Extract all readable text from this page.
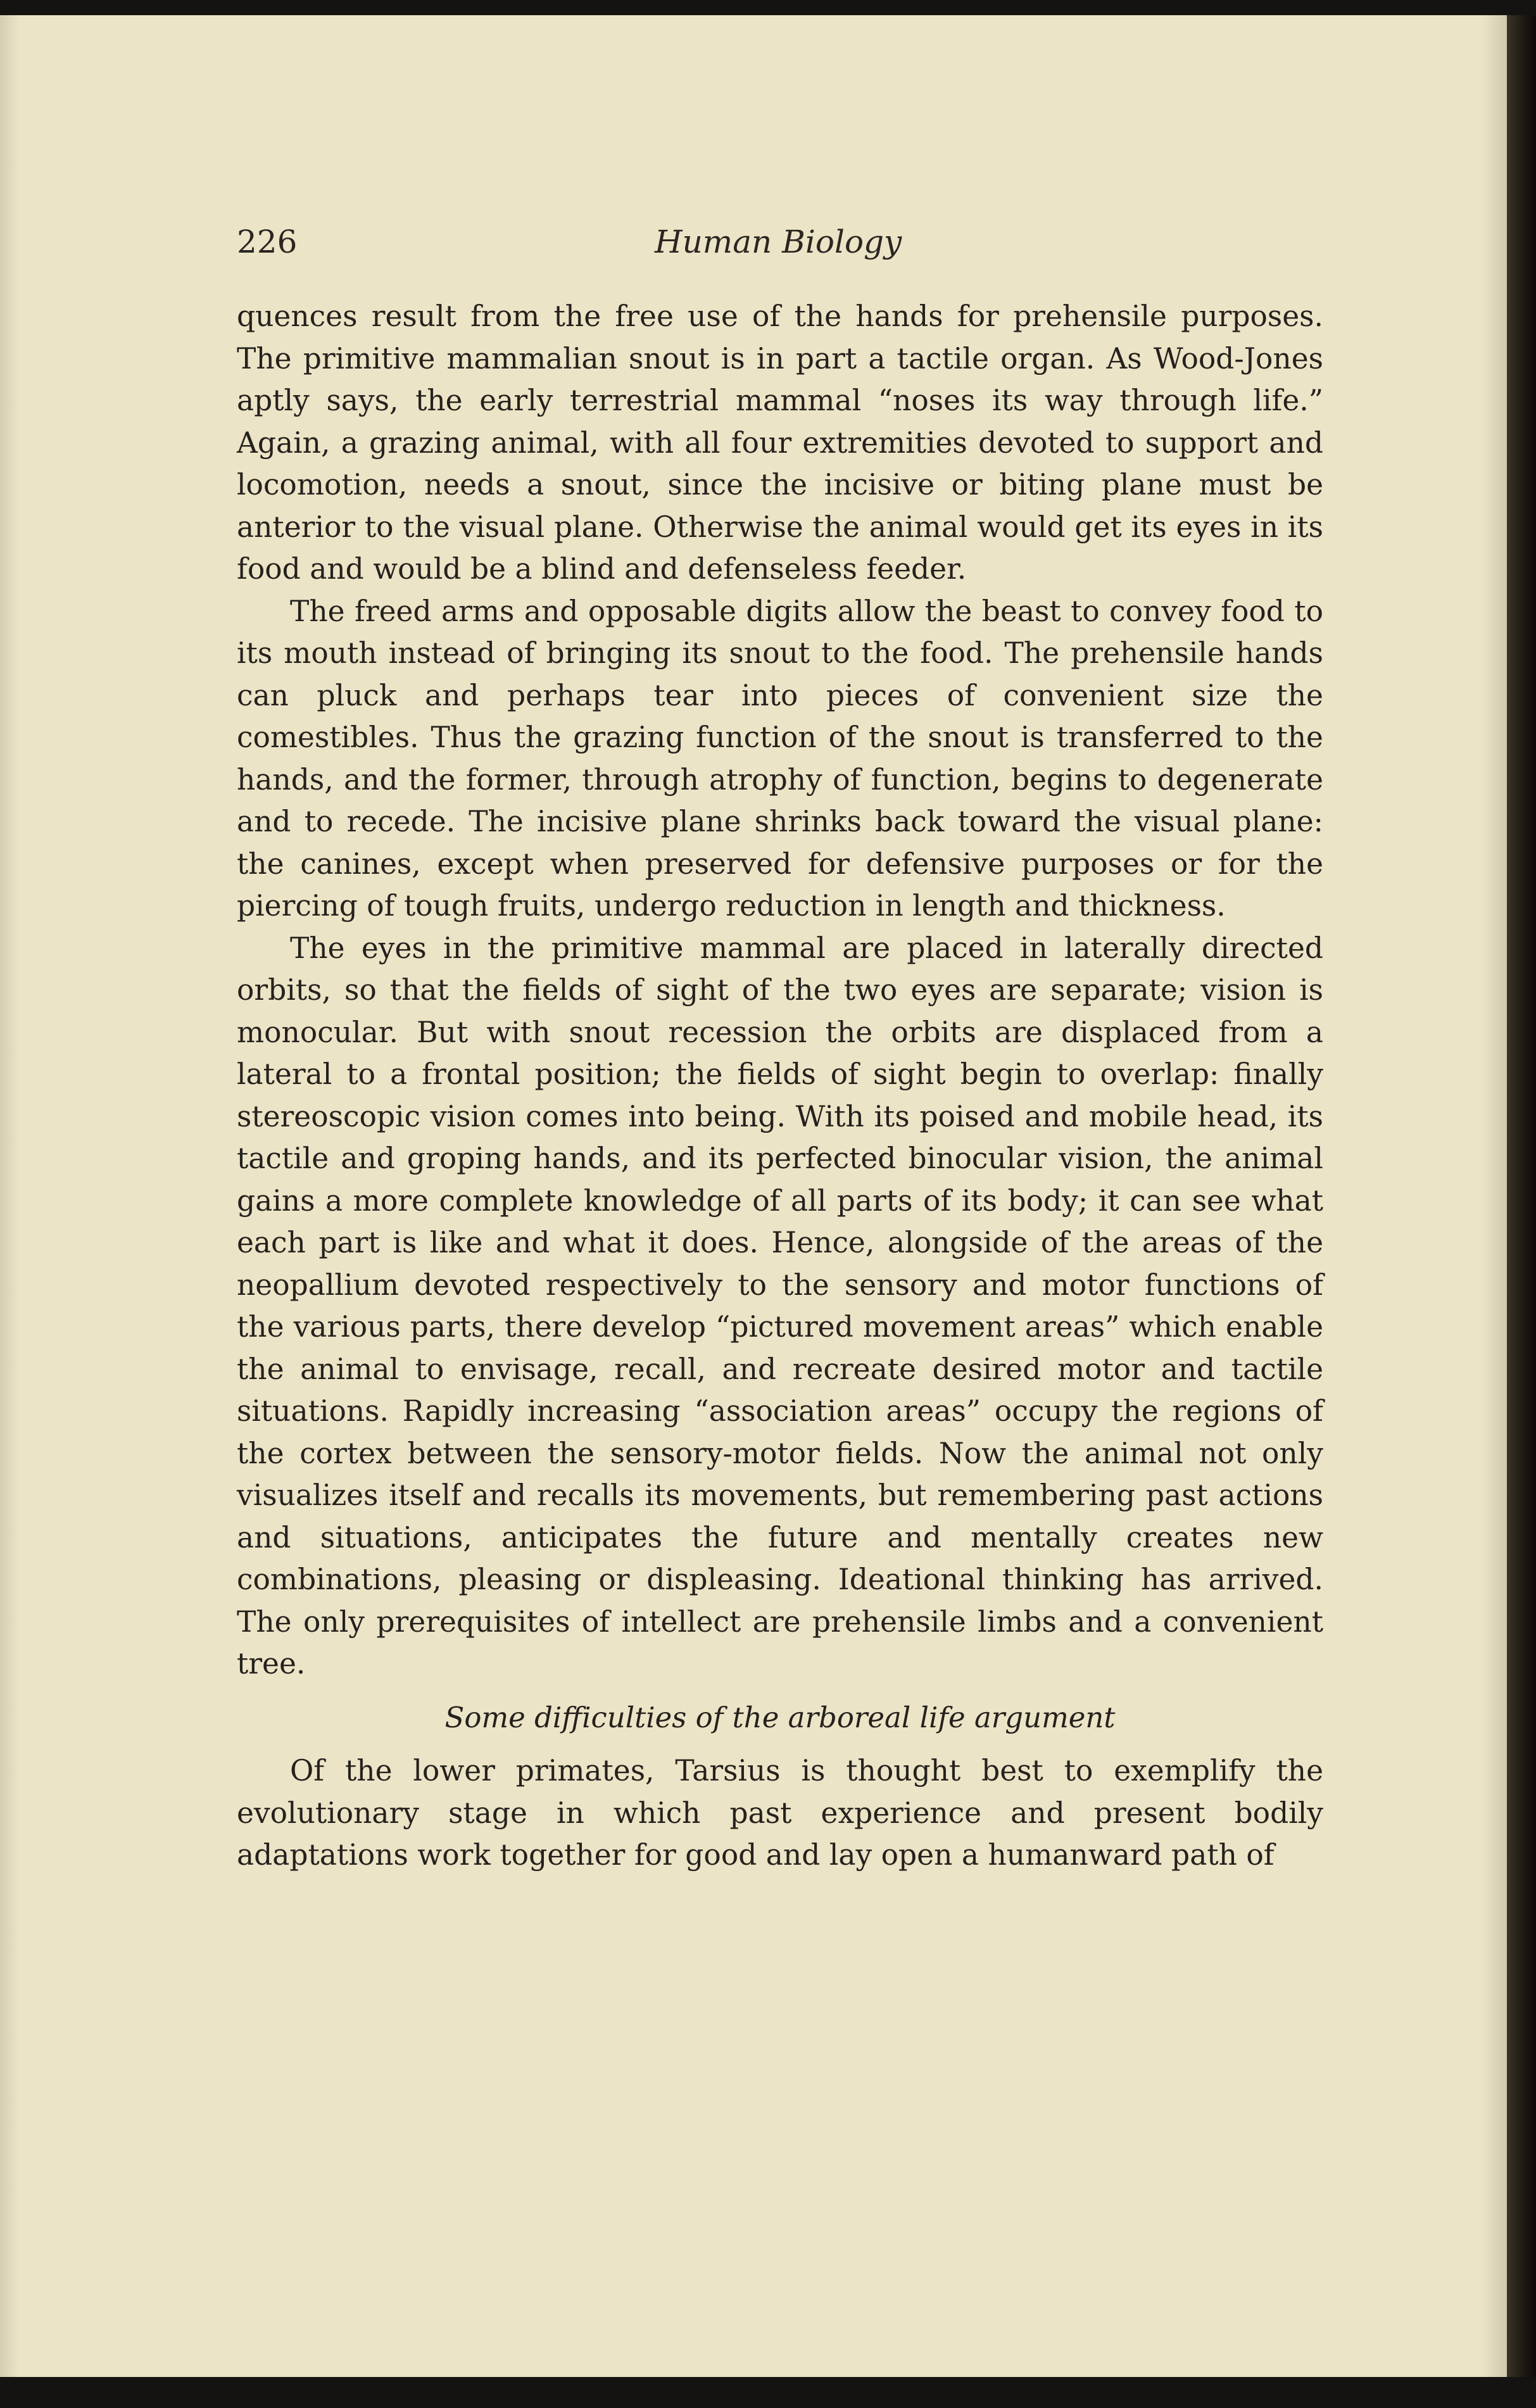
226	Human Biology

quences result from the free use of the hands for prehensile purposes. The primitive mammalian snout is in part a tactile organ. As Wood-Jones aptly says, the early terrestrial mammal “noses its way through life.” Again, a grazing animal, with all four extremities devoted to support and locomotion, needs a snout, since the incisive or biting plane must be anterior to the visual plane. Otherwise the animal would get its eyes in its food and would be a blind and defenseless feeder.

The freed arms and opposable digits allow the beast to convey food to its mouth instead of bringing its snout to the food. The prehensile hands can pluck and perhaps tear into pieces of convenient size the comestibles. Thus the grazing function of the snout is transferred to the hands, and the former, through atrophy of function, begins to degenerate and to recede. The incisive plane shrinks back toward the visual plane: the canines, except when preserved for defensive purposes or for the piercing of tough fruits, undergo reduction in length and thickness.

The eyes in the primitive mammal are placed in laterally directed orbits, so that the fields of sight of the two eyes are separate; vision is monocular. But with snout recession the orbits are displaced from a lateral to a frontal position; the fields of sight begin to overlap: finally stereoscopic vision comes into being. With its poised and mobile head, its tactile and groping hands, and its perfected binocular vision, the animal gains a more complete knowledge of all parts of its body; it can see what each part is like and what it does. Hence, alongside of the areas of the neopallium devoted respectively to the sensory and motor functions of the various parts, there develop “pictured movement areas” which enable the animal to envisage, recall, and recreate desired motor and tactile situations. Rapidly increasing “association areas” occupy the regions of the cortex between the sensory-motor fields. Now the animal not only visualizes itself and recalls its movements, but remembering past actions and situations, anticipates the future and mentally creates new combinations, pleasing or displeasing. Ideational thinking has arrived. The only prerequisites of intellect are prehensile limbs and a convenient tree.

Some difficulties of the arboreal life argument

Of the lower primates, Tarsius is thought best to exemplify the evolutionary stage in which past experience and present bodily adaptations work together for good and lay open a humanward path of
